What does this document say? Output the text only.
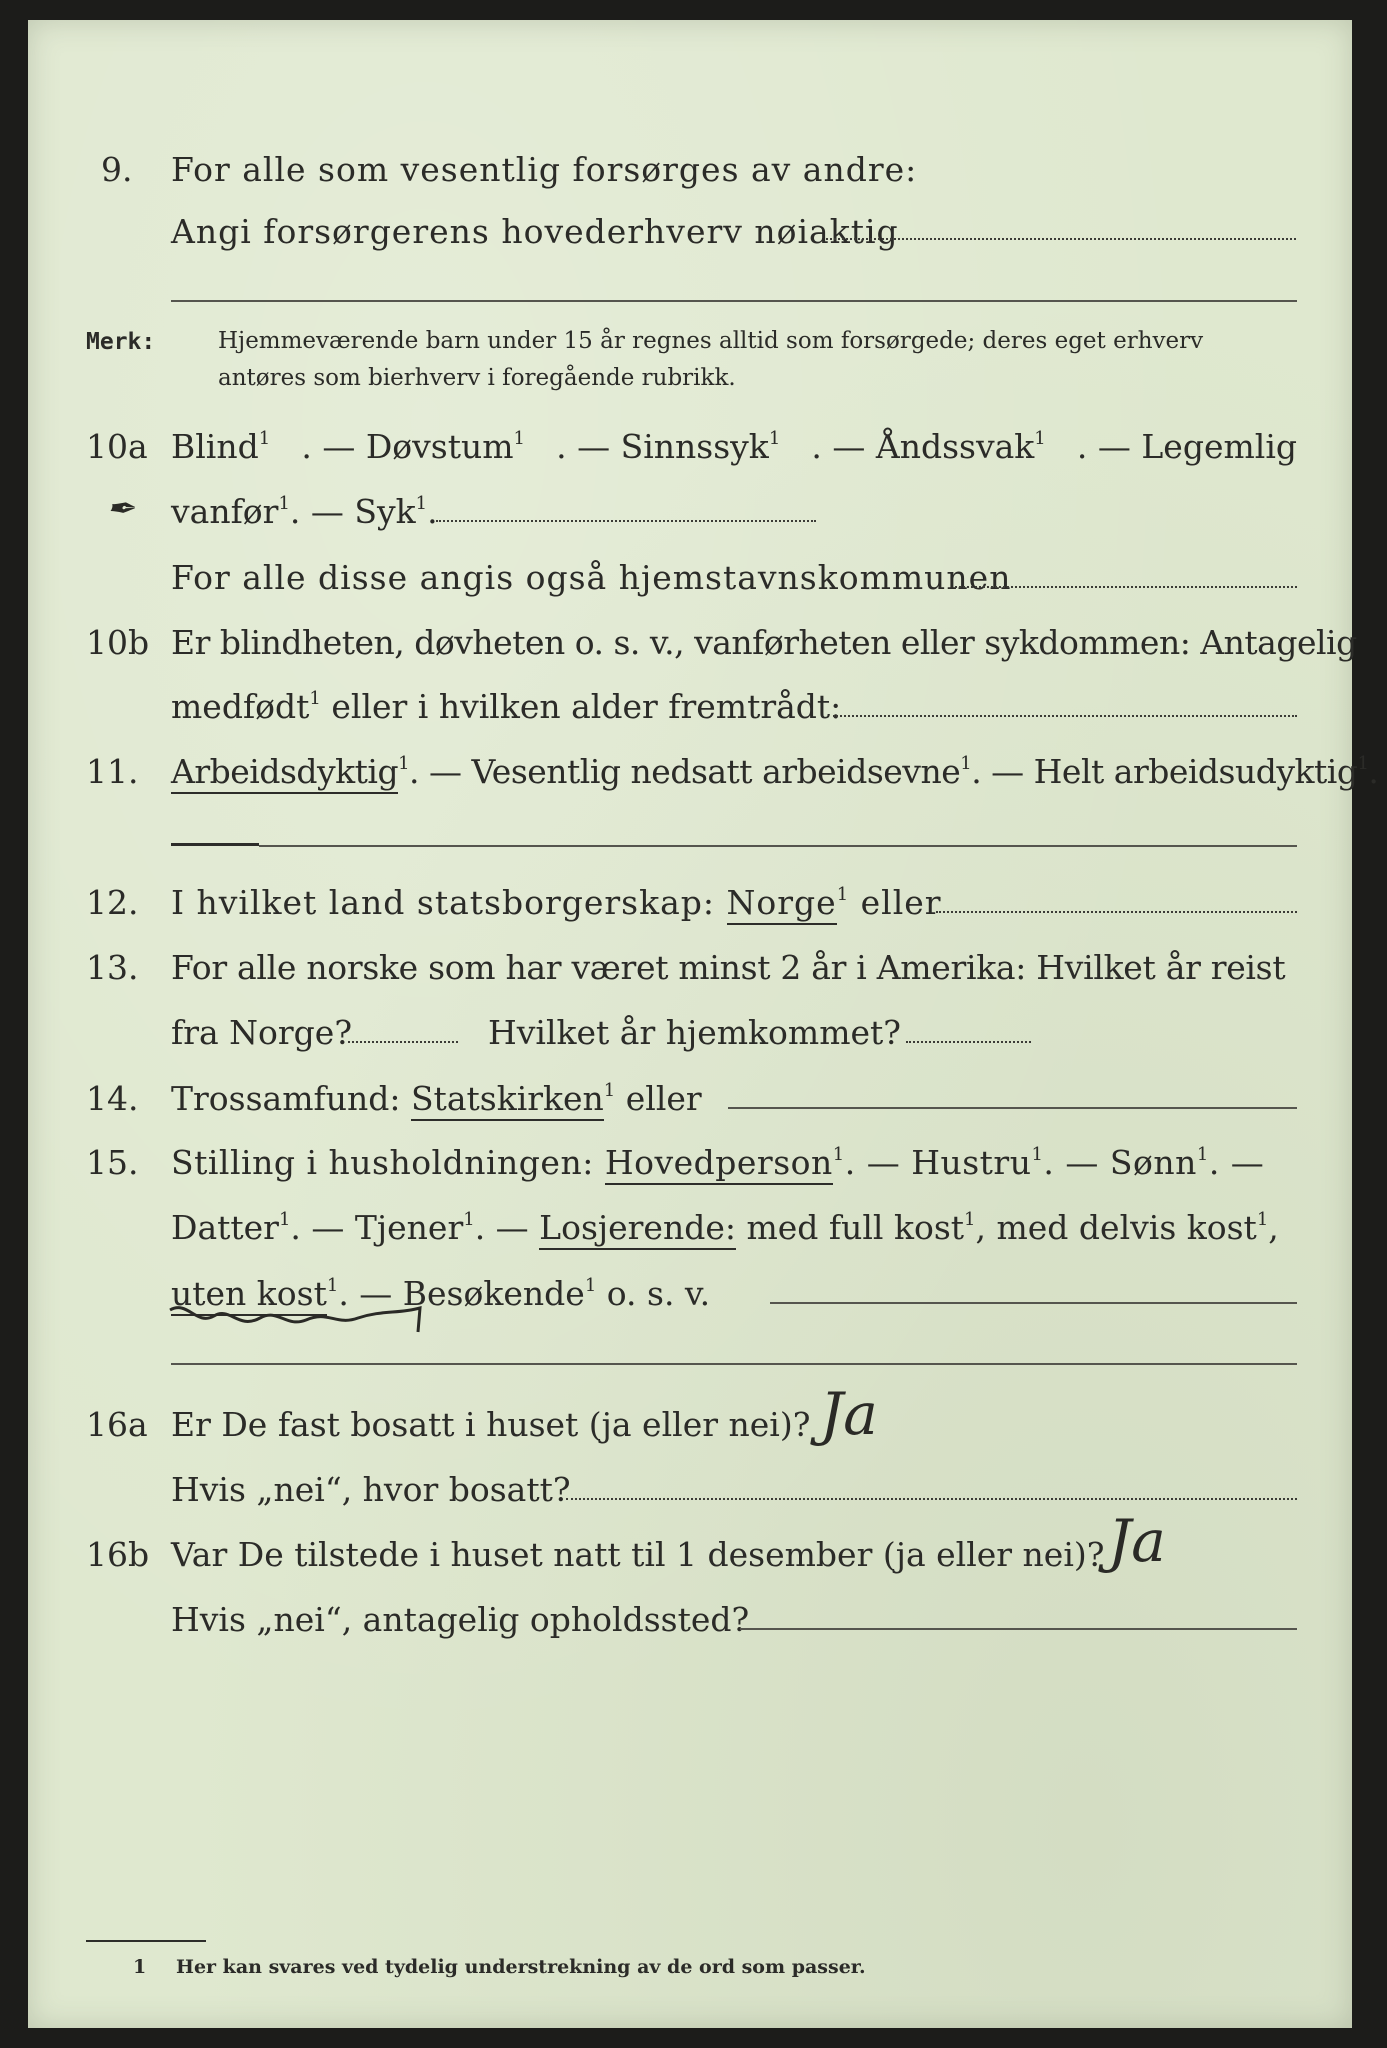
9. For alle som vesentlig forsørges av andre:
Angi forsørgerens hovederhverv nøiaktig
Merk:	Hjemmeværende barn under 15 år regnes alltid som forsørgede; deres eget erhverv
antøres som bierhverv i foregående rubrikk.
10a Blind$^1$ . — Døvstum$^1$ . — Sinnssyk$^1$ . — Åndssvak$^1$ . — Legemlig
vanfør$^1$. — Syk$^1$.
✒
For alle disse angis også hjemstavnskommunen
10b Er blindheten, døvheten o. s. v., vanførheten eller sykdommen: Antagelig
medfødt$^1$ eller i hvilken alder fremtrådt:
11. Arbeidsdyktig$^1$. — Vesentlig nedsatt arbeidsevne$^1$. — Helt arbeidsudyktig$^1$.
12. I hvilket land statsborgerskap: Norge$^1$ eller
13. For alle norske som har været minst 2 år i Amerika: Hvilket år reist
fra Norge?	Hvilket år hjemkommet?
14. Trossamfund: Statskirken$^1$ eller
15. Stilling i husholdningen: Hovedperson$^1$. — Hustru$^1$. — Sønn$^1$. —
Datter$^1$. — Tjener$^1$. — Losjerende: med full kost$^1$, med delvis kost$^1$,
uten kost$^1$. — Besøkende$^1$ o. s. v.
16a Er De fast bosatt i huset (ja eller nei)? Ja
Hvis „nei“, hvor bosatt?
16b Var De tilstede i huset natt til 1 desember (ja eller nei)? Ja
Hvis „nei“, antagelig opholdssted?
1 Her kan svares ved tydelig understrekning av de ord som passer.
